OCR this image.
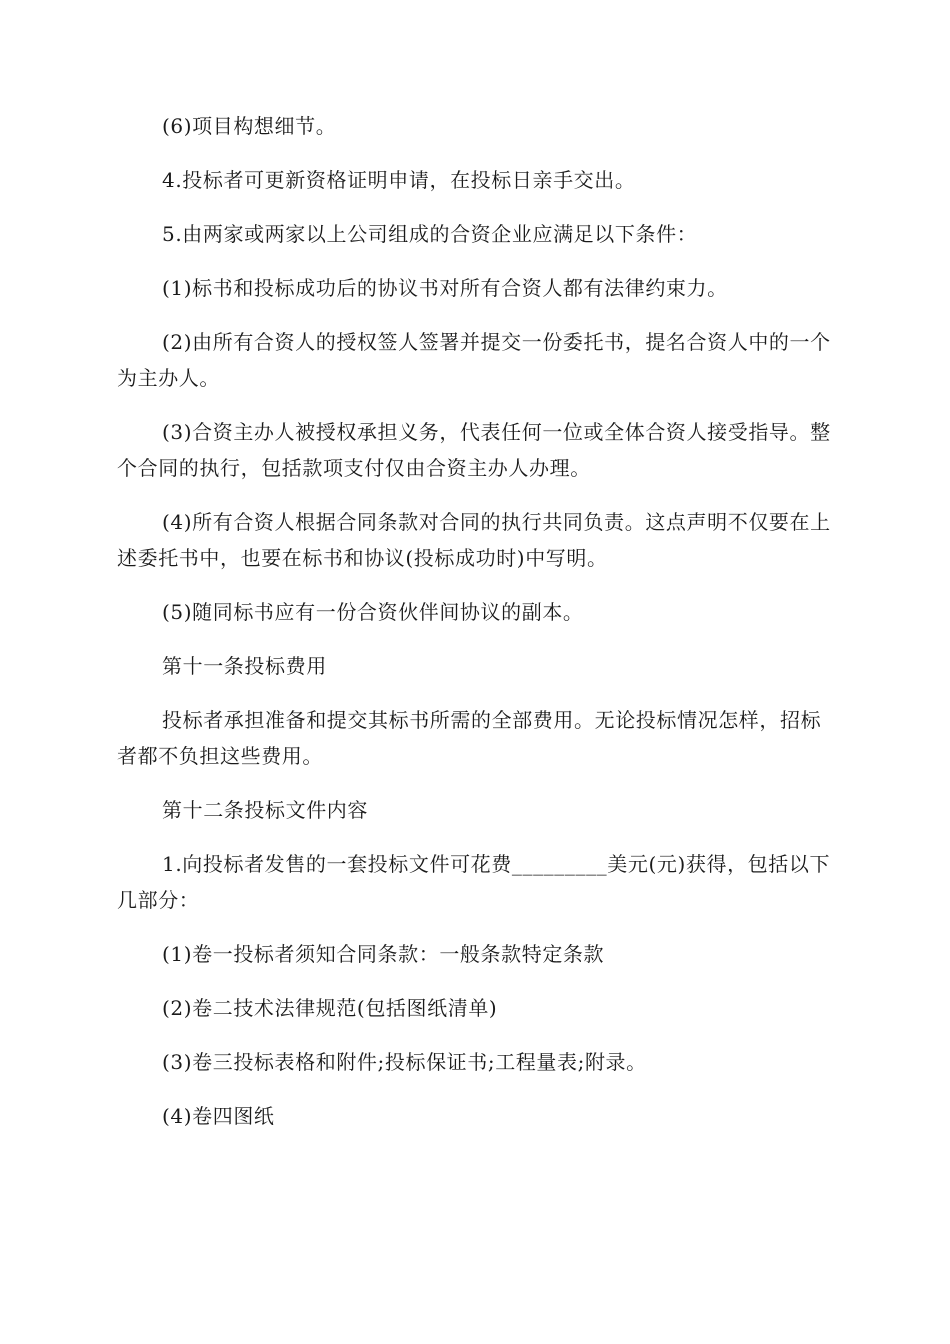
(6)项目构想细节。

4.投标者可更新资格证明申请，在投标日亲手交出。

5.由两家或两家以上公司组成的合资企业应满足以下条件：

(1)标书和投标成功后的协议书对所有合资人都有法律约束力。

(2)由所有合资人的授权签人签署并提交一份委托书，提名合资人中的一个为主办人。

(3)合资主办人被授权承担义务，代表任何一位或全体合资人接受指导。整个合同的执行，包括款项支付仅由合资主办人办理。

(4)所有合资人根据合同条款对合同的执行共同负责。这点声明不仅要在上述委托书中，也要在标书和协议(投标成功时)中写明。

(5)随同标书应有一份合资伙伴间协议的副本。

第十一条投标费用

投标者承担准备和提交其标书所需的全部费用。无论投标情况怎样，招标者都不负担这些费用。

第十二条投标文件内容

1.向投标者发售的一套投标文件可花费_________美元(元)获得，包括以下几部分：

(1)卷一投标者须知合同条款：一般条款特定条款

(2)卷二技术法律规范(包括图纸清单)

(3)卷三投标表格和附件;投标保证书;工程量表;附录。

(4)卷四图纸
